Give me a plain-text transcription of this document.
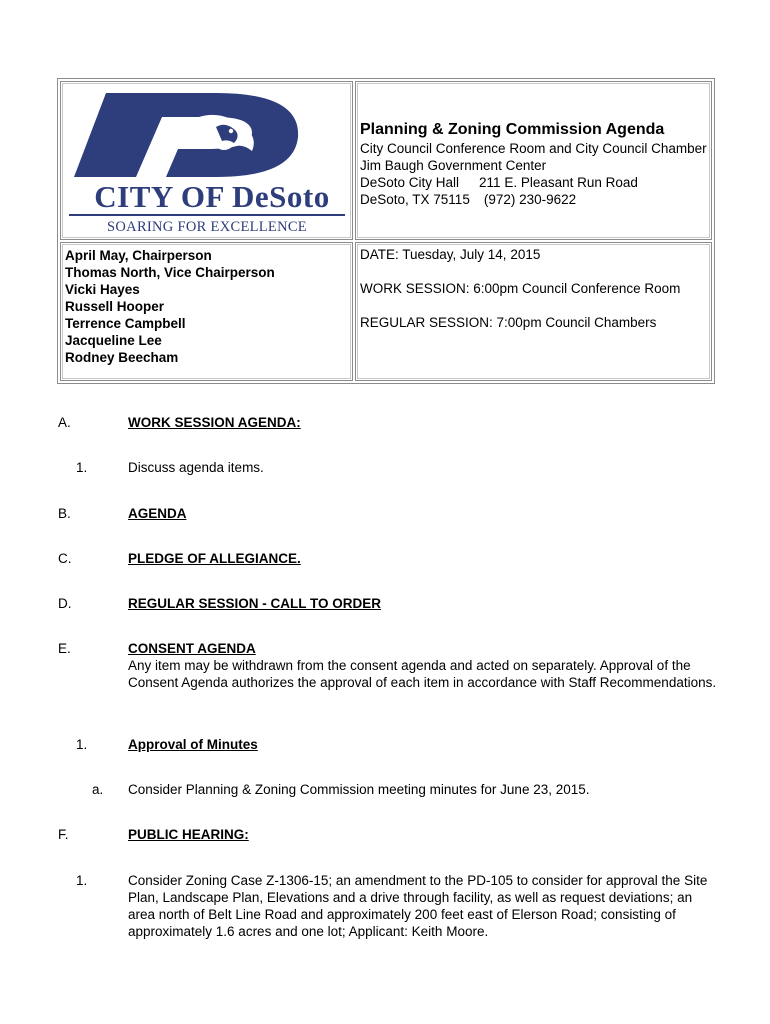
CITY OF DeSoto
SOARING FOR EXCELLENCE
Planning & Zoning Commission Agenda
City Council Conference Room and City Council Chamber
Jim Baugh Government Center
DeSoto City Hall 211 E. Pleasant Run Road
DeSoto, TX 75115 (972) 230-9622
April May, Chairperson
Thomas North, Vice Chairperson
Vicki Hayes
Russell Hooper
Terrence Campbell
Jacqueline Lee
Rodney Beecham
DATE: Tuesday, July 14, 2015
WORK SESSION: 6:00pm Council Conference Room
REGULAR SESSION: 7:00pm Council Chambers
A.	WORK SESSION AGENDA:
1.	Discuss agenda items.
B.	AGENDA
C.	PLEDGE OF ALLEGIANCE.
D.	REGULAR SESSION - CALL TO ORDER
E.	CONSENT AGENDA
Any item may be withdrawn from the consent agenda and acted on separately. Approval of the Consent Agenda authorizes the approval of each item in accordance with Staff Recommendations.
1.	Approval of Minutes
a. Consider Planning & Zoning Commission meeting minutes for June 23, 2015.
F.	PUBLIC HEARING:
1.	Consider Zoning Case Z-1306-15; an amendment to the PD-105 to consider for approval the Site Plan, Landscape Plan, Elevations and a drive through facility, as well as request deviations; an area north of Belt Line Road and approximately 200 feet east of Elerson Road; consisting of approximately 1.6 acres and one lot; Applicant: Keith Moore.
